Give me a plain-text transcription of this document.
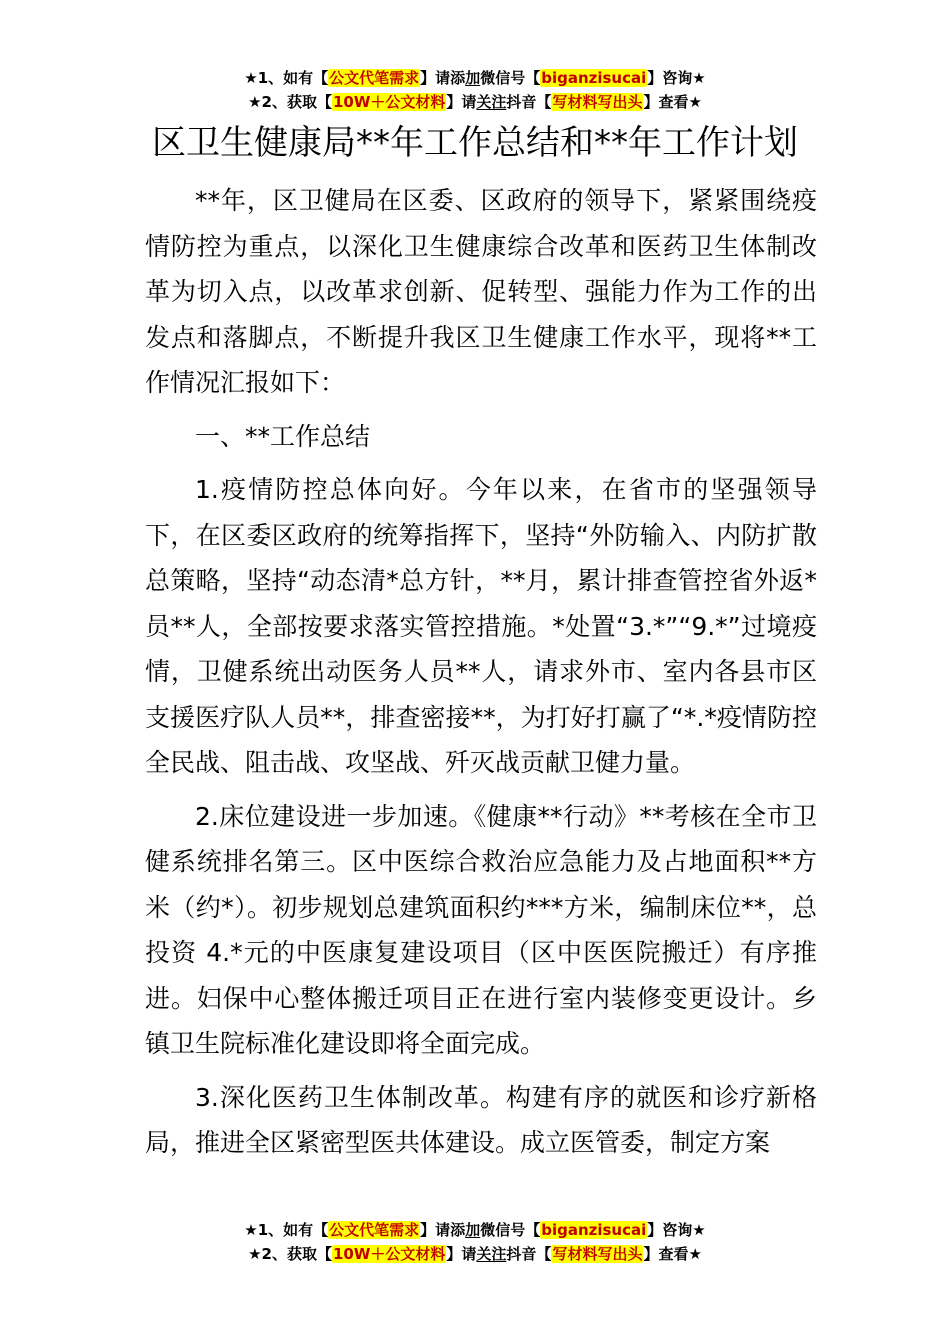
★1、如有【公文代笔需求】请添加微信号【biganzisucai】咨询★
★2、获取【10W＋公文材料】请关注抖音【写材料写出头】查看★
区卫生健康局**年工作总结和**年工作计划

**年，区卫健局在区委、区政府的领导下，紧紧围绕疫情防控为重点，以深化卫生健康综合改革和医药卫生体制改革为切入点，以改革求创新、促转型、强能力作为工作的出发点和落脚点，不断提升我区卫生健康工作水平，现将**工作情况汇报如下：

一、**工作总结

1.疫情防控总体向好。今年以来，在省市的坚强领导下，在区委区政府的统筹指挥下，坚持“外防输入、内防扩散总策略，坚持“动态清*总方针，**月，累计排查管控省外返*员**人，全部按要求落实管控措施。*处置“3.*”“9.*”过境疫情，卫健系统出动医务人员**人，请求外市、室内各县市区支援医疗队人员**，排查密接**，为打好打赢了“*.*疫情防控全民战、阻击战、攻坚战、歼灭战贡献卫健力量。

2.床位建设进一步加速。《健康**行动》**考核在全市卫健系统排名第三。区中医综合救治应急能力及占地面积**方米（约*）。初步规划总建筑面积约***方米，编制床位**，总投资 4.*元的中医康复建设项目（区中医医院搬迁）有序推进。妇保中心整体搬迁项目正在进行室内装修变更设计。乡镇卫生院标准化建设即将全面完成。

3.深化医药卫生体制改革。构建有序的就医和诊疗新格局，推进全区紧密型医共体建设。成立医管委，制定方案

★1、如有【公文代笔需求】请添加微信号【biganzisucai】咨询★
★2、获取【10W＋公文材料】请关注抖音【写材料写出头】查看★
